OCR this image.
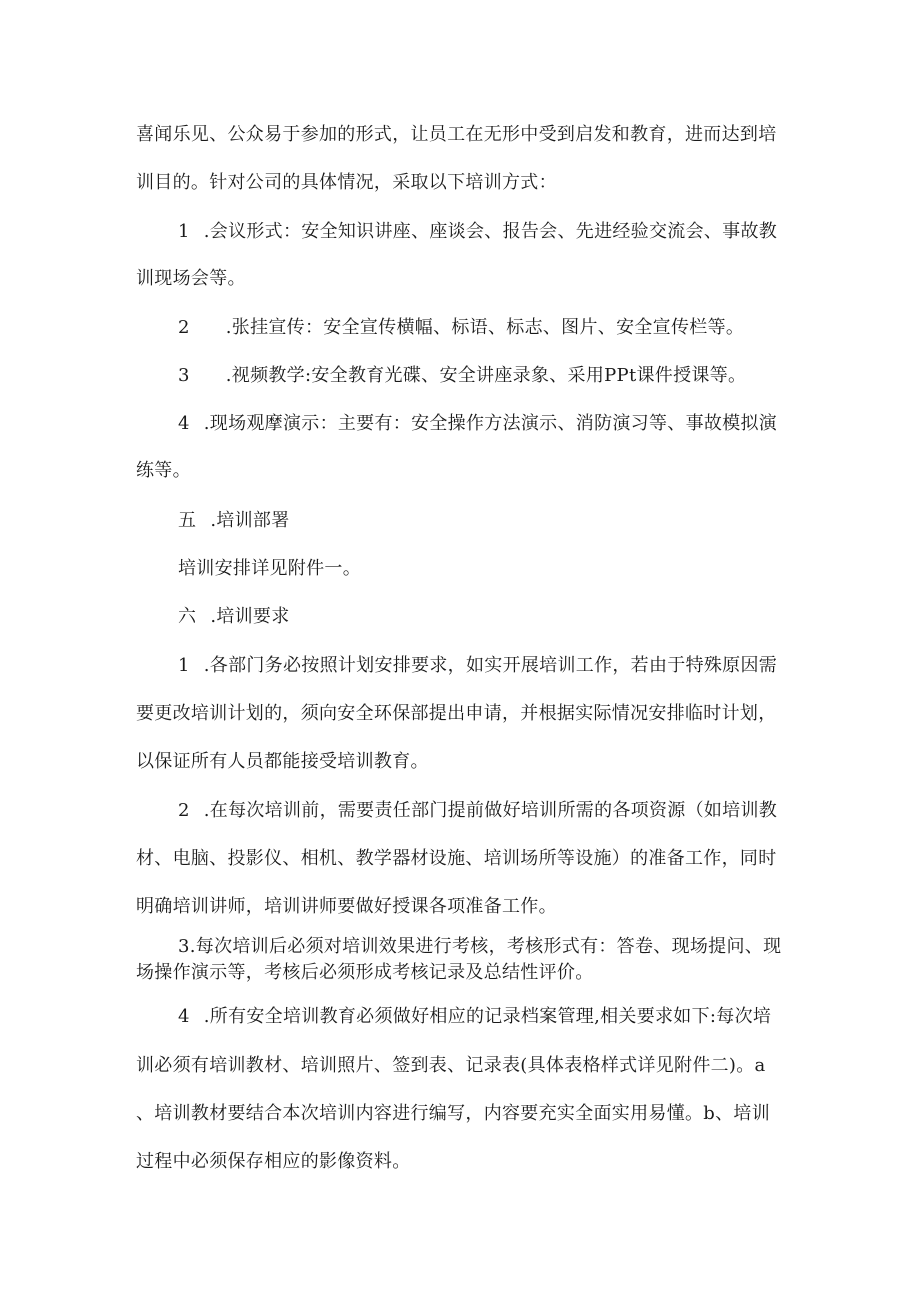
喜闻乐见、公众易于参加的形式，让员工在无形中受到启发和教育，进而达到培
训目的。针对公司的具体情况，采取以下培训方式：
1 .会议形式：安全知识讲座、座谈会、报告会、先进经验交流会、事故教
训现场会等。
2 .张挂宣传：安全宣传横幅、标语、标志、图片、安全宣传栏等。
3 .视频教学:安全教育光碟、安全讲座录象、采用PPt课件授课等。
4 .现场观摩演示：主要有：安全操作方法演示、消防演习等、事故模拟演
练等。
五 .培训部署
培训安排详见附件一。
六 .培训要求
1 .各部门务必按照计划安排要求，如实开展培训工作，若由于特殊原因需
要更改培训计划的，须向安全环保部提出申请，并根据实际情况安排临时计划，
以保证所有人员都能接受培训教育。
2 .在每次培训前，需要责任部门提前做好培训所需的各项资源（如培训教
材、电脑、投影仪、相机、教学器材设施、培训场所等设施）的准备工作，同时
明确培训讲师，培训讲师要做好授课各项准备工作。
3.每次培训后必须对培训效果进行考核，考核形式有：答卷、现场提问、现
场操作演示等，考核后必须形成考核记录及总结性评价。
4 .所有安全培训教育必须做好相应的记录档案管理,相关要求如下:每次培
训必须有培训教材、培训照片、签到表、记录表(具体表格样式详见附件二)。a
、培训教材要结合本次培训内容进行编写，内容要充实全面实用易懂。b、培训
过程中必须保存相应的影像资料。
